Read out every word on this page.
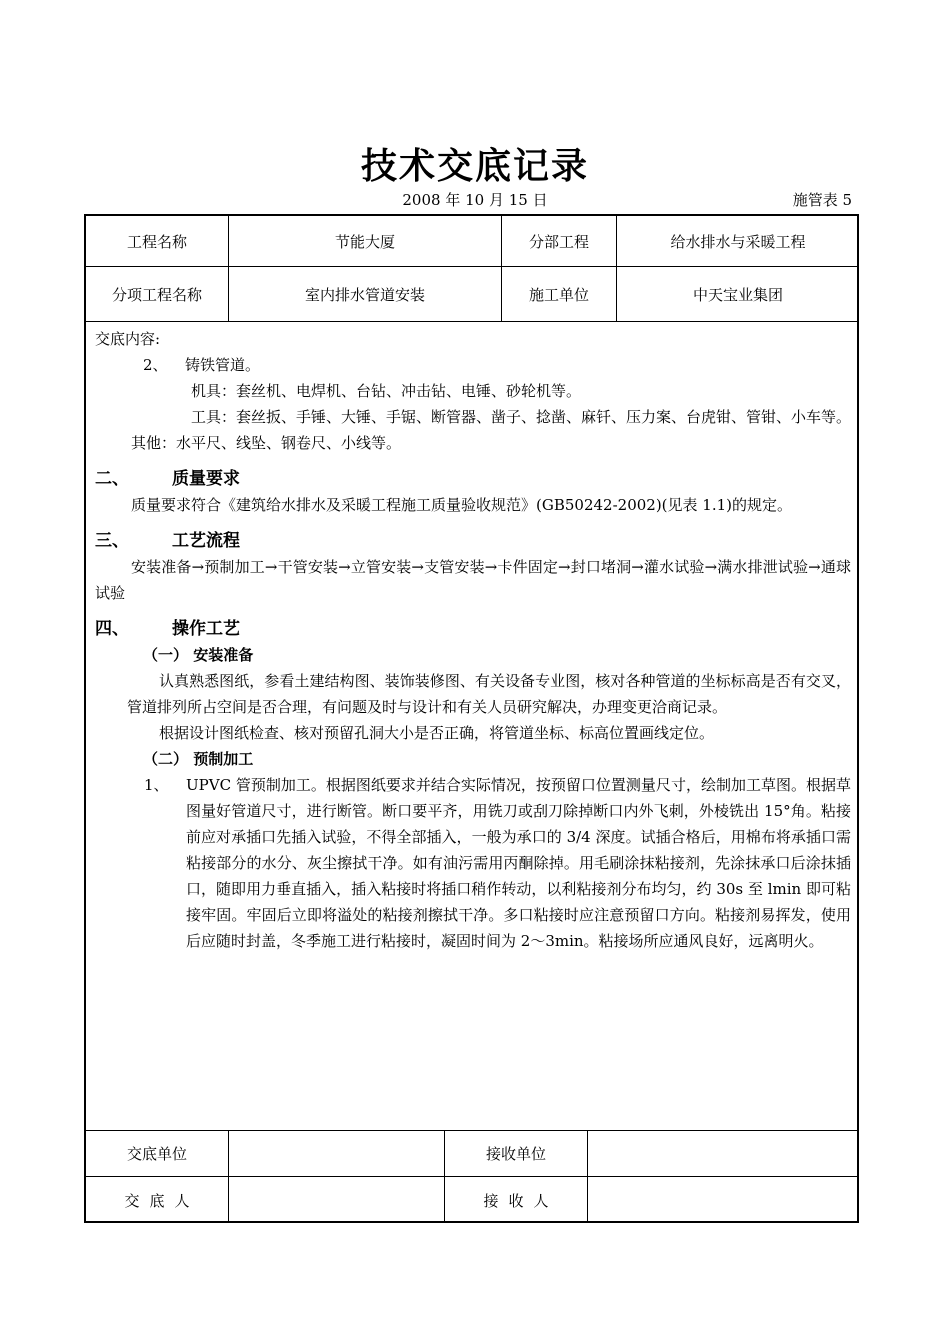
技术交底记录
2008 年 10 月 15 日	施管表 5
工程名称	节能大厦	分部工程	给水排水与采暖工程
分项工程名称	室内排水管道安装	施工单位	中天宝业集团

交底内容:

2、 铸铁管道。

机具：套丝机、电焊机、台钻、冲击钻、电锤、砂轮机等。

工具：套丝扳、手锤、大锤、手锯、断管器、凿子、捻凿、麻钎、压力案、台虎钳、管钳、小车等。

其他：水平尺、线坠、钢卷尺、小线等。

二、	质量要求

质量要求符合《建筑给水排水及采暖工程施工质量验收规范》(GB50242-2002)(见表 1.1)的规定。

三、	工艺流程

安装准备→预制加工→干管安装→立管安装→支管安装→卡件固定→封口堵洞→灌水试验→满水排泄试验→通球试验

四、	操作工艺

（一） 安装准备

认真熟悉图纸，参看土建结构图、装饰装修图、有关设备专业图，核对各种管道的坐标标高是否有交叉，管道排列所占空间是否合理，有问题及时与设计和有关人员研究解决，办理变更洽商记录。

根据设计图纸检查、核对预留孔洞大小是否正确，将管道坐标、标高位置画线定位。

（二） 预制加工

1、	UPVC 管预制加工。根据图纸要求并结合实际情况，按预留口位置测量尺寸，绘制加工草图。根据草图量好管道尺寸，进行断管。断口要平齐，用铣刀或刮刀除掉断口内外飞刺，外棱铣出 15°角。粘接前应对承插口先插入试验，不得全部插入，一般为承口的 3/4 深度。试插合格后，用棉布将承插口需粘接部分的水分、灰尘擦拭干净。如有油污需用丙酮除掉。用毛刷涂抹粘接剂，先涂抹承口后涂抹插口，随即用力垂直插入，插入粘接时将插口稍作转动，以利粘接剂分布均匀，约 30s 至 lmin 即可粘接牢固。牢固后立即将溢处的粘接剂擦拭干净。多口粘接时应注意预留口方向。粘接剂易挥发，使用后应随时封盖，冬季施工进行粘接时，凝固时间为 2～3min。粘接场所应通风良好，远离明火。
交底单位	接收单位
交底人	接收人
